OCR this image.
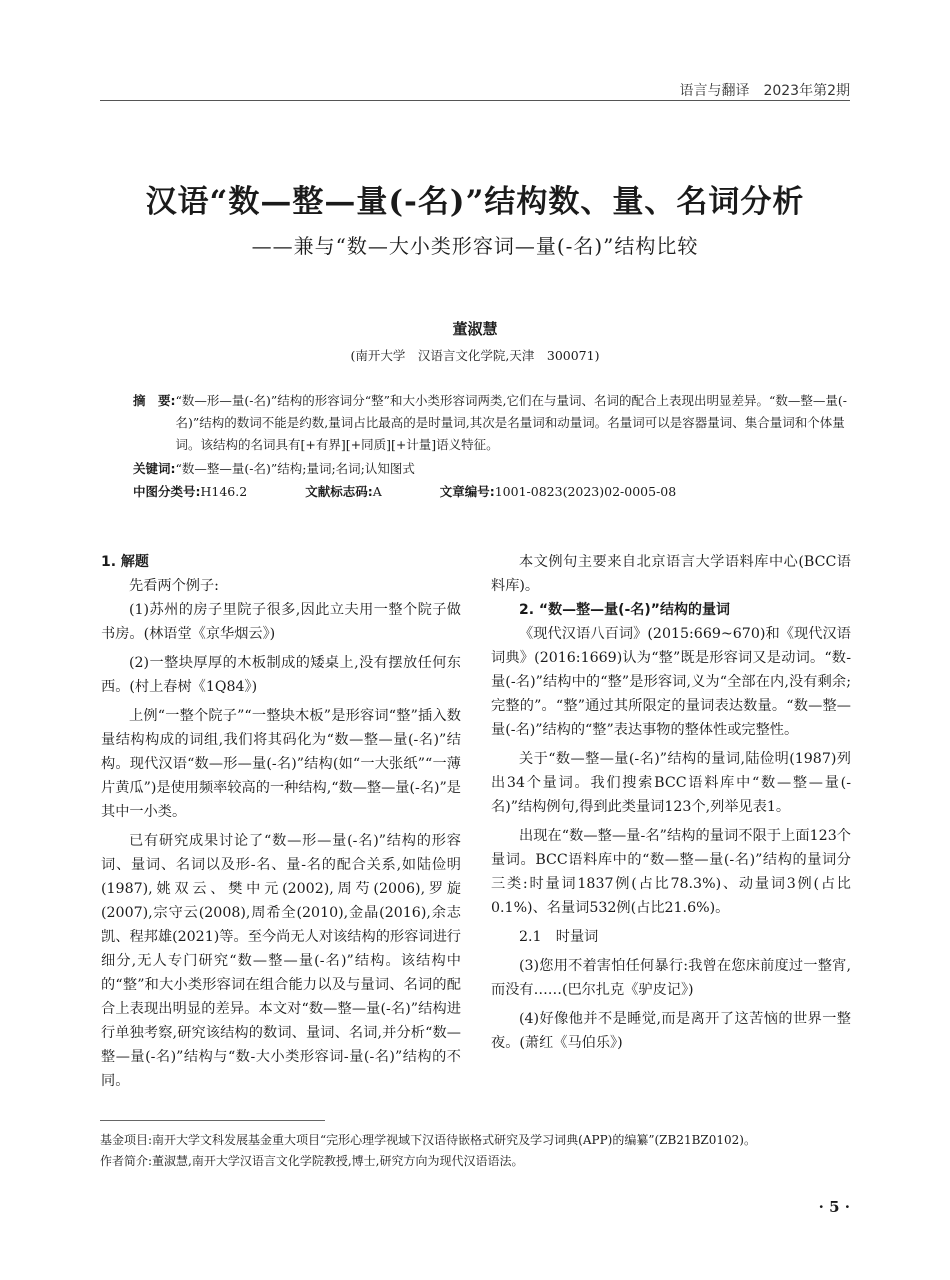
语言与翻译 2023年第2期
汉语“数—整—量(-名)”结构数、量、名词分析
——兼与“数—大小类形容词—量(-名)”结构比较
董淑慧
(南开大学　汉语言文化学院,天津　300071)
摘　要: “数—形—量(-名)”结构的形容词分“整”和大小类形容词两类,它们在与量词、名词的配合上表现出明显差异。“数—整—量(-名)”结构的数词不能是约数,量词占比最高的是时量词,其次是名量词和动量词。名量词可以是容器量词、集合量词和个体量词。该结构的名词具有[+有界][+同质][+计量]语义特征。
关键词:“数—整—量(-名)”结构;量词;名词;认知图式
中图分类号:H146.2	文献标志码:A	文章编号:1001-0823(2023)02-0005-08

1. 解题

先看两个例子:

(1)苏州的房子里院子很多,因此立夫用一整个院子做书房。(林语堂《京华烟云》)

(2)一整块厚厚的木板制成的矮桌上,没有摆放任何东西。(村上春树《1Q84》)

上例“一整个院子”“一整块木板”是形容词“整”插入数量结构构成的词组,我们将其码化为“数—整—量(-名)”结构。现代汉语“数—形—量(-名)”结构(如“一大张纸”“一薄片黄瓜”)是使用频率较高的一种结构,“数—整—量(-名)”是其中一小类。

已有研究成果讨论了“数—形—量(-名)”结构的形容词、量词、名词以及形-名、量-名的配合关系,如陆俭明(1987),姚双云、樊中元(2002),周芍(2006),罗旋(2007),宗守云(2008),周希全(2010),金晶(2016),余志凯、程邦雄(2021)等。至今尚无人对该结构的形容词进行细分,无人专门研究“数—整—量(-名)”结构。该结构中的“整”和大小类形容词在组合能力以及与量词、名词的配合上表现出明显的差异。本文对“数—整—量(-名)”结构进行单独考察,研究该结构的数词、量词、名词,并分析“数—整—量(-名)”结构与“数-大小类形容词-量(-名)”结构的不同。

本文例句主要来自北京语言大学语料库中心(BCC语料库)。

2. “数—整—量(-名)”结构的量词

《现代汉语八百词》(2015:669~670)和《现代汉语词典》(2016:1669)认为“整”既是形容词又是动词。“数-量(-名)”结构中的“整”是形容词,义为“全部在内,没有剩余;完整的”。“整”通过其所限定的量词表达数量。“数—整—量(-名)”结构的“整”表达事物的整体性或完整性。

关于“数—整—量(-名)”结构的量词,陆俭明(1987)列出34个量词。我们搜索BCC语料库中“数—整—量(-名)”结构例句,得到此类量词123个,列举见表1。

出现在“数—整—量-名”结构的量词不限于上面123个量词。BCC语料库中的“数—整—量(-名)”结构的量词分三类:时量词1837例(占比78.3%)、动量词3例(占比0.1%)、名量词532例(占比21.6%)。

2.1　时量词

(3)您用不着害怕任何暴行:我曾在您床前度过一整宵,而没有……(巴尔扎克《驴皮记》)

(4)好像他并不是睡觉,而是离开了这苦恼的世界一整夜。(萧红《马伯乐》)

基金项目:南开大学文科发展基金重大项目“完形心理学视域下汉语待嵌格式研究及学习词典(APP)的编纂”(ZB21BZ0102)。
作者简介:董淑慧,南开大学汉语言文化学院教授,博士,研究方向为现代汉语语法。
· 5 ·
